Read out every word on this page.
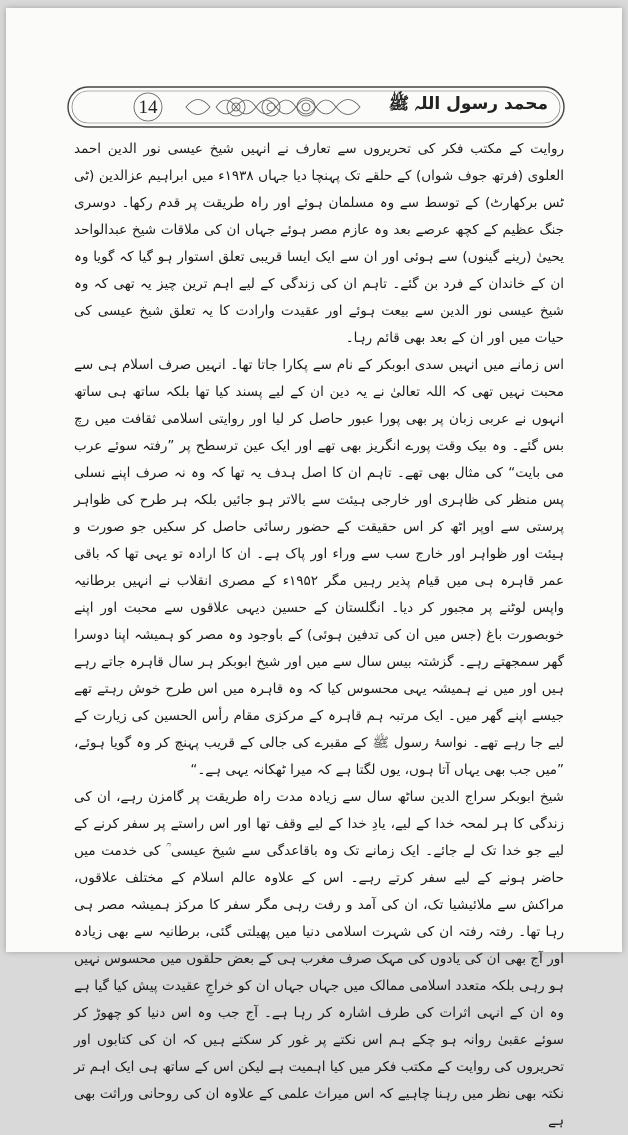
14	محمد رسول اللہ ﷺ

روایت کے مکتب فکر کی تحریروں سے تعارف نے انہیں شیخ عیسی نور الدین احمد العلوی (فرتھ جوف شواں) کے حلقے تک پہنچا دیا جہاں ۱۹۳۸ء میں ابراہیم عزالدین (ٹی ٹس برکھارٹ) کے توسط سے وہ مسلمان ہوئے اور راہ طریقت پر قدم رکھا۔ دوسری جنگ عظیم کے کچھ عرصے بعد وہ عازم مصر ہوئے جہاں ان کی ملاقات شیخ عبدالواحد یحییٰ (رینے گینوں) سے ہوئی اور ان سے ایک ایسا قریبی تعلق استوار ہو گیا کہ گویا وہ ان کے خاندان کے فرد بن گئے۔ تاہم ان کی زندگی کے لیے اہم ترین چیز یہ تھی کہ وہ شیخ عیسی نور الدین سے بیعت ہوئے اور عقیدت وارادت کا یہ تعلق شیخ عیسی کی حیات میں اور ان کے بعد بھی قائم رہا۔

اس زمانے میں انہیں سدی ابوبکر کے نام سے پکارا جاتا تھا۔ انہیں صرف اسلام ہی سے محبت نہیں تھی کہ اللہ تعالیٰ نے یہ دین ان کے لیے پسند کیا تھا بلکہ ساتھ ہی ساتھ انہوں نے عربی زبان پر بھی پورا عبور حاصل کر لیا اور روایتی اسلامی ثقافت میں رچ بس گئے۔ وہ بیک وقت پورے انگریز بھی تھے اور ایک عین ترسطح پر ”رفتہ سوئے عرب می بایت“ کی مثال بھی تھے۔ تاہم ان کا اصل ہدف یہ تھا کہ وہ نہ صرف اپنے نسلی پس منظر کی ظاہری اور خارجی ہیئت سے بالاتر ہو جائیں بلکہ ہر طرح کی ظواہر پرستی سے اوپر اٹھ کر اس حقیقت کے حضور رسائی حاصل کر سکیں جو صورت و ہیئت اور ظواہر اور خارج سب سے وراء اور پاک ہے۔ ان کا ارادہ تو یہی تھا کہ باقی عمر قاہرہ ہی میں قیام پذیر رہیں مگر ۱۹۵۲ء کے مصری انقلاب نے انہیں برطانیہ واپس لوٹنے پر مجبور کر دیا۔ انگلستان کے حسین دیہی علاقوں سے محبت اور اپنے خوبصورت باغ (جس میں ان کی تدفین ہوئی) کے باوجود وہ مصر کو ہمیشہ اپنا دوسرا گھر سمجھتے رہے۔ گزشتہ بیس سال سے میں اور شیخ ابوبکر ہر سال قاہرہ جاتے رہے ہیں اور میں نے ہمیشہ یہی محسوس کیا کہ وہ قاہرہ میں اس طرح خوش رہتے تھے جیسے اپنے گھر میں۔ ایک مرتبہ ہم قاہرہ کے مرکزی مقام رأس الحسین کی زیارت کے لیے جا رہے تھے۔ نواسۂ رسول ﷺ کے مقبرے کی جالی کے قریب پہنچ کر وہ گویا ہوئے، ”میں جب بھی یہاں آتا ہوں، یوں لگتا ہے کہ میرا ٹھکانہ یہی ہے۔“

شیخ ابوبکر سراج الدین ساٹھ سال سے زیادہ مدت راہ طریقت پر گامزن رہے، ان کی زندگی کا ہر لمحہ خدا کے لیے، یادِ خدا کے لیے وقف تھا اور اس راستے پر سفر کرنے کے لیے جو خدا تک لے جائے۔ ایک زمانے تک وہ باقاعدگی سے شیخ عیسی ؒ کی خدمت میں حاضر ہونے کے لیے سفر کرتے رہے۔ اس کے علاوہ عالم اسلام کے مختلف علاقوں، مراکش سے ملائیشیا تک، ان کی آمد و رفت رہی مگر سفر کا مرکز ہمیشہ مصر ہی رہا تھا۔ رفتہ رفتہ ان کی شہرت اسلامی دنیا میں پھیلتی گئی، برطانیہ سے بھی زیادہ اور آج بھی ان کی یادوں کی مہک صرف مغرب ہی کے بعض حلقوں میں محسوس نہیں ہو رہی بلکہ متعدد اسلامی ممالک میں جہاں جہاں ان کو خراجِ عقیدت پیش کیا گیا ہے وہ ان کے انہی اثرات کی طرف اشارہ کر رہا ہے۔ آج جب وہ اس دنیا کو چھوڑ کر سوئے عقبیٰ روانہ ہو چکے ہم اس نکتے پر غور کر سکتے ہیں کہ ان کی کتابوں اور تحریروں کی روایت کے مکتب فکر میں کیا اہمیت ہے لیکن اس کے ساتھ ہی ایک اہم تر نکتہ بھی نظر میں رہنا چاہیے کہ اس میراث علمی کے علاوہ ان کی روحانی وراثت بھی ہے
